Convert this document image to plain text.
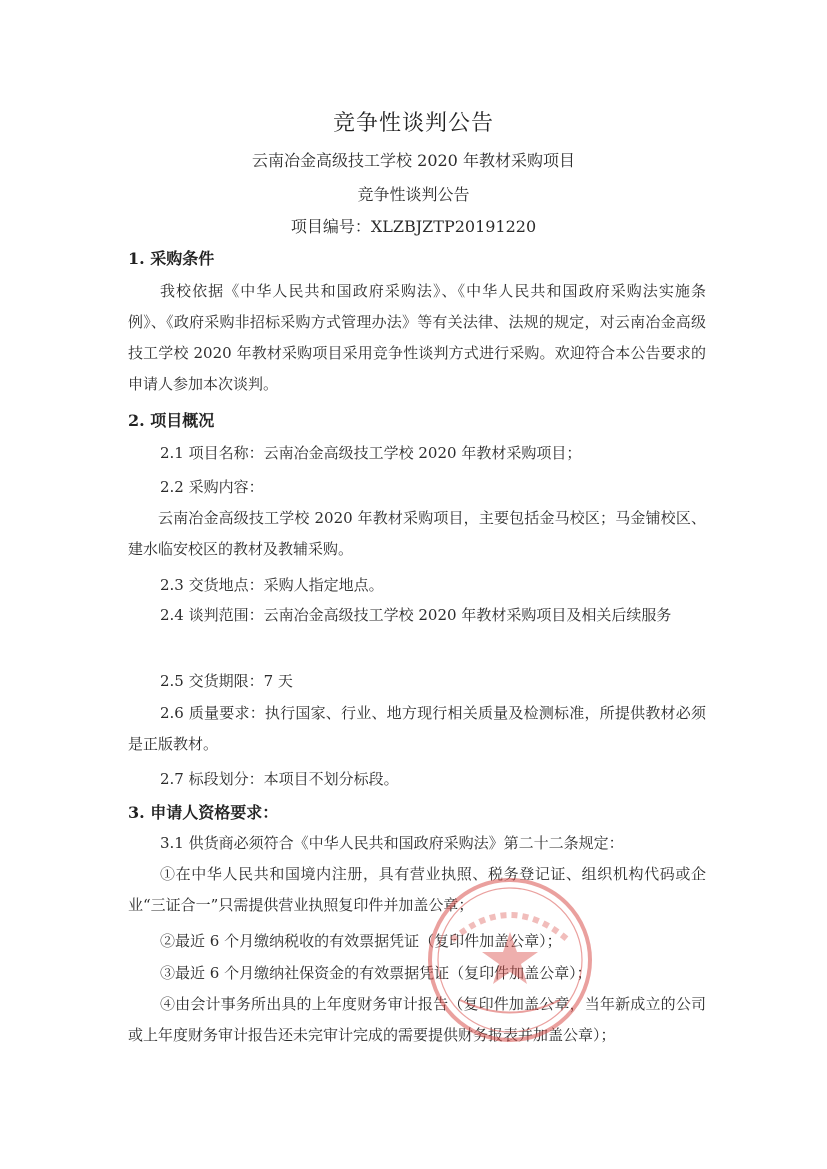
竞争性谈判公告
云南冶金高级技工学校 2020 年教材采购项目
竞争性谈判公告
项目编号：XLZBJZTP20191220
1. 采购条件
我校依据《中华人民共和国政府采购法》、《中华人民共和国政府采购法实施条例》、《政府采购非招标采购方式管理办法》等有关法律、法规的规定，对云南冶金高级技工学校 2020 年教材采购项目采用竞争性谈判方式进行采购。欢迎符合本公告要求的申请人参加本次谈判。
2. 项目概况
2.1 项目名称：云南冶金高级技工学校 2020 年教材采购项目；
2.2 采购内容：
云南冶金高级技工学校 2020 年教材采购项目，主要包括金马校区；马金铺校区、建水临安校区的教材及教辅采购。
2.3 交货地点：采购人指定地点。
2.4 谈判范围：云南冶金高级技工学校 2020 年教材采购项目及相关后续服务
2.5 交货期限：7 天
2.6 质量要求：执行国家、行业、地方现行相关质量及检测标准，所提供教材必须是正版教材。
2.7 标段划分：本项目不划分标段。
3. 申请人资格要求：
3.1 供货商必须符合《中华人民共和国政府采购法》第二十二条规定：
①在中华人民共和国境内注册，具有营业执照、税务登记证、组织机构代码或企业“三证合一”只需提供营业执照复印件并加盖公章；
②最近 6 个月缴纳税收的有效票据凭证（复印件加盖公章）；
③最近 6 个月缴纳社保资金的有效票据凭证（复印件加盖公章）；
④由会计事务所出具的上年度财务审计报告（复印件加盖公章，当年新成立的公司或上年度财务审计报告还未完审计完成的需要提供财务报表并加盖公章）；
